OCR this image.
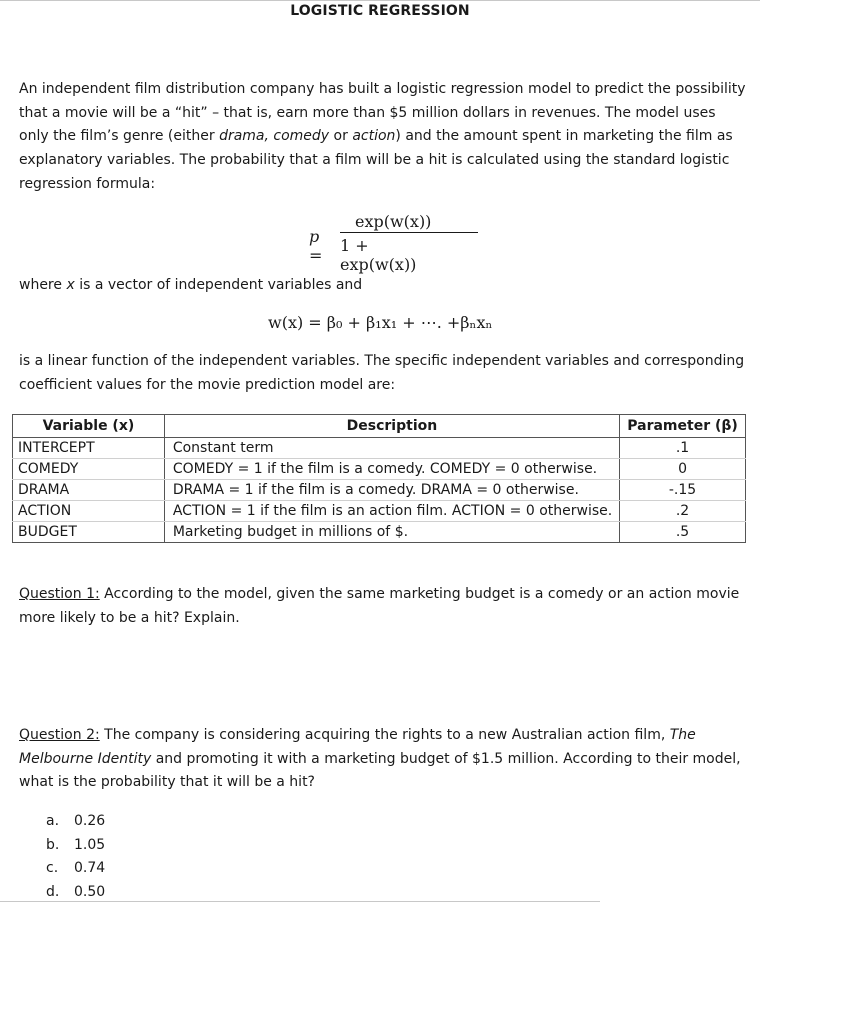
LOGISTIC REGRESSION

An independent film distribution company has built a logistic regression model to predict the possibility that a movie will be a “hit” – that is, earn more than $5 million dollars in revenues. The model uses only the film’s genre (either drama, comedy or action) and the amount spent in marketing the film as explanatory variables. The probability that a film will be a hit is calculated using the standard logistic regression formula:

p =
exp(w(x))
1 + exp(w(x))

where x is a vector of independent variables and

w(x) = β₀ + β₁x₁ + ⋯. +βₙxₙ

is a linear function of the independent variables. The specific independent variables and corresponding coefficient values for the movie prediction model are:

Variable (x)	Description	Parameter (β)
INTERCEPT	Constant term	.1
COMEDY	COMEDY = 1 if the film is a comedy. COMEDY = 0 otherwise.	0
DRAMA	DRAMA = 1 if the film is a comedy. DRAMA = 0 otherwise.	-.15
ACTION	ACTION = 1 if the film is an action film. ACTION = 0 otherwise.	.2
BUDGET	Marketing budget in millions of $.	.5

Question 1: According to the model, given the same marketing budget is a comedy or an action movie more likely to be a hit? Explain.

Question 2: The company is considering acquiring the rights to a new Australian action film, The Melbourne Identity and promoting it with a marketing budget of $1.5 million. According to their model, what is the probability that it will be a hit?

a. 0.26
b. 1.05
c. 0.74
d. 0.50
